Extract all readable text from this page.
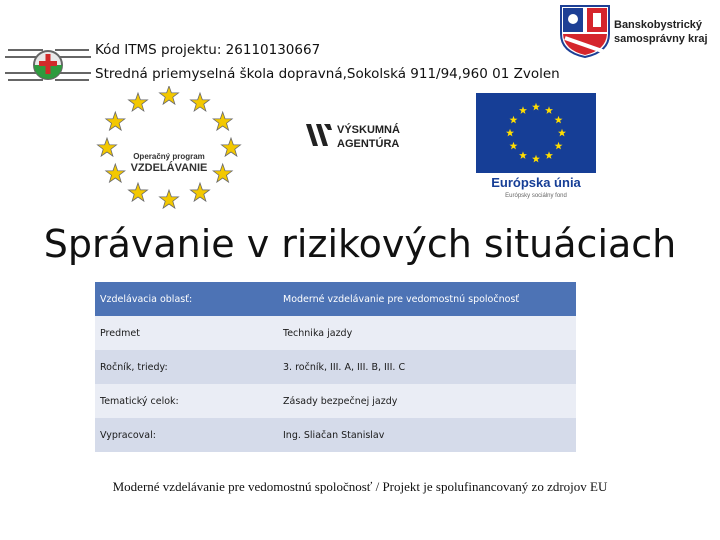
Kód ITMS projektu: 26110130667
Stredná priemyselná škola dopravná,Sokolská 911/94,960 01 Zvolen
Banskobystrický
samosprávny kraj
Operačný program
VZDELÁVANIE
VÝSKUMNÁ
AGENTÚRA
Európska únia
Európsky sociálny fond
Správanie v rizikových situáciach
Vzdelávacia oblasť:	Moderné vzdelávanie pre vedomostnú spoločnosť
Predmet	Technika jazdy
Ročník, triedy:	3. ročník, III. A, III. B, III. C
Tematický celok:	Zásady bezpečnej jazdy
Vypracoval:	Ing. Sliačan Stanislav
Moderné vzdelávanie pre vedomostnú spoločnosť / Projekt je spolufinancovaný zo zdrojov EU
